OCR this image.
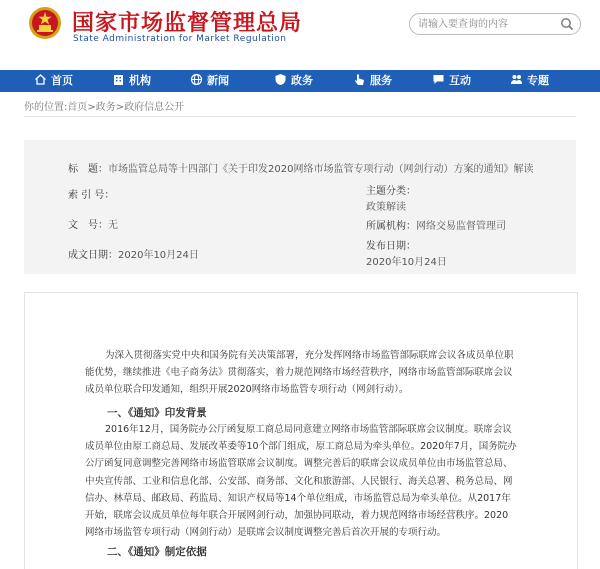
国家市场监督管理总局
State Administration for Market Regulation
请输入要查询的内容
首页	机构	新闻	政务	服务	互动	专题
你的位置:首页>政务>政府信息公开
标　题：市场监管总局等十四部门《关于印发2020网络市场监管专项行动（网剑行动）方案的通知》解读
索 引 号：
文　号：无
成文日期：2020年10月24日
主题分类：
政策解读
所属机构：网络交易监督管理司
发布日期：
2020年10月24日

为深入贯彻落实党中央和国务院有关决策部署，充分发挥网络市场监管部际联席会议各成员单位职能优势，继续推进《电子商务法》贯彻落实，着力规范网络市场经营秩序，网络市场监管部际联席会议成员单位联合印发通知，组织开展2020网络市场监管专项行动（网剑行动）。

一、《通知》印发背景

2016年12月，国务院办公厅函复原工商总局同意建立网络市场监管部际联席会议制度。联席会议成员单位由原工商总局、发展改革委等10个部门组成，原工商总局为牵头单位。2020年7月，国务院办公厅函复同意调整完善网络市场监管联席会议制度。调整完善后的联席会议成员单位由市场监管总局、中央宣传部、工业和信息化部、公安部、商务部、文化和旅游部、人民银行、海关总署、税务总局、网信办、林草局、邮政局、药监局、知识产权局等14个单位组成，市场监管总局为牵头单位。从2017年开始，联席会议成员单位每年联合开展网剑行动，加强协同联动，着力规范网络市场经营秩序。2020网络市场监管专项行动（网剑行动）是联席会议制度调整完善后首次开展的专项行动。

二、《通知》制定依据
